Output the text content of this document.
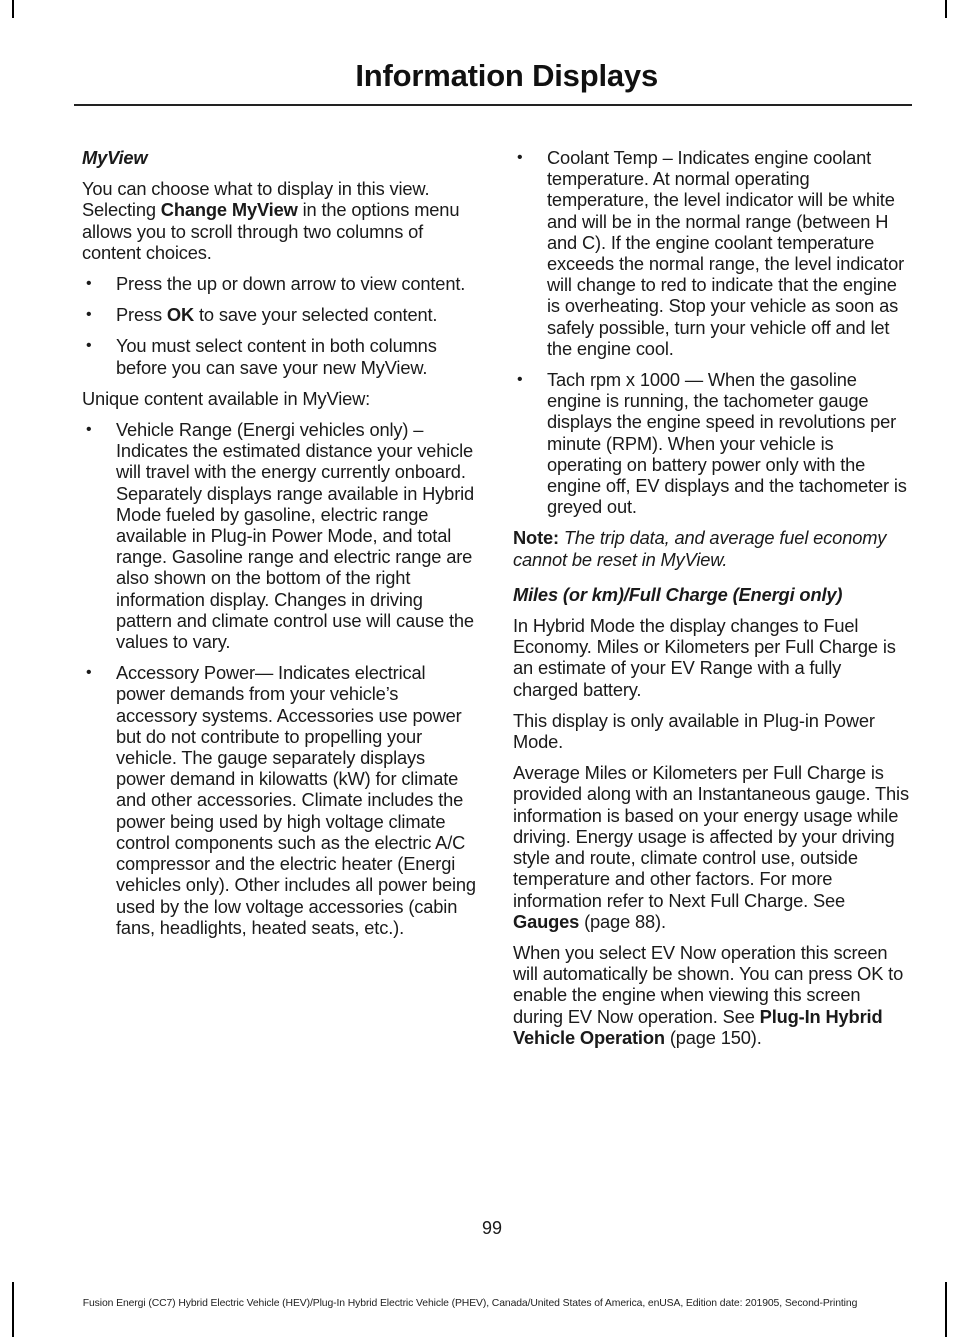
Information Displays
MyView

You can choose what to display in this view. Selecting Change MyView in the options menu allows you to scroll through two columns of content choices.

• Press the up or down arrow to view content.
• Press OK to save your selected content.
• You must select content in both columns before you can save your new MyView.

Unique content available in MyView:

• Vehicle Range (Energi vehicles only) – Indicates the estimated distance your vehicle will travel with the energy currently onboard. Separately displays range available in Hybrid Mode fueled by gasoline, electric range available in Plug-in Power Mode, and total range. Gasoline range and electric range are also shown on the bottom of the right information display. Changes in driving pattern and climate control use will cause the values to vary.
• Accessory Power— Indicates electrical power demands from your vehicle’s accessory systems. Accessories use power but do not contribute to propelling your vehicle. The gauge separately displays power demand in kilowatts (kW) for climate and other accessories. Climate includes the power being used by high voltage climate control components such as the electric A/C compressor and the electric heater (Energi vehicles only). Other includes all power being used by the low voltage accessories (cabin fans, headlights, heated seats, etc.).
• Coolant Temp – Indicates engine coolant temperature. At normal operating temperature, the level indicator will be white and will be in the normal range (between H and C). If the engine coolant temperature exceeds the normal range, the level indicator will change to red to indicate that the engine is overheating. Stop your vehicle as soon as safely possible, turn your vehicle off and let the engine cool.
• Tach rpm x 1000 — When the gasoline engine is running, the tachometer gauge displays the engine speed in revolutions per minute (RPM). When your vehicle is operating on battery power only with the engine off, EV displays and the tachometer is greyed out.

Note: The trip data, and average fuel economy cannot be reset in MyView.

Miles (or km)/Full Charge (Energi only)

In Hybrid Mode the display changes to Fuel Economy. Miles or Kilometers per Full Charge is an estimate of your EV Range with a fully charged battery.

This display is only available in Plug-in Power Mode.

Average Miles or Kilometers per Full Charge is provided along with an Instantaneous gauge. This information is based on your energy usage while driving. Energy usage is affected by your driving style and route, climate control use, outside temperature and other factors. For more information refer to Next Full Charge. See Gauges (page 88).

When you select EV Now operation this screen will automatically be shown. You can press OK to enable the engine when viewing this screen during EV Now operation. See Plug-In Hybrid Vehicle Operation (page 150).

99
Fusion Energi (CC7) Hybrid Electric Vehicle (HEV)/Plug-In Hybrid Electric Vehicle (PHEV), Canada/United States of America, enUSA, Edition date: 201905, Second-Printing
